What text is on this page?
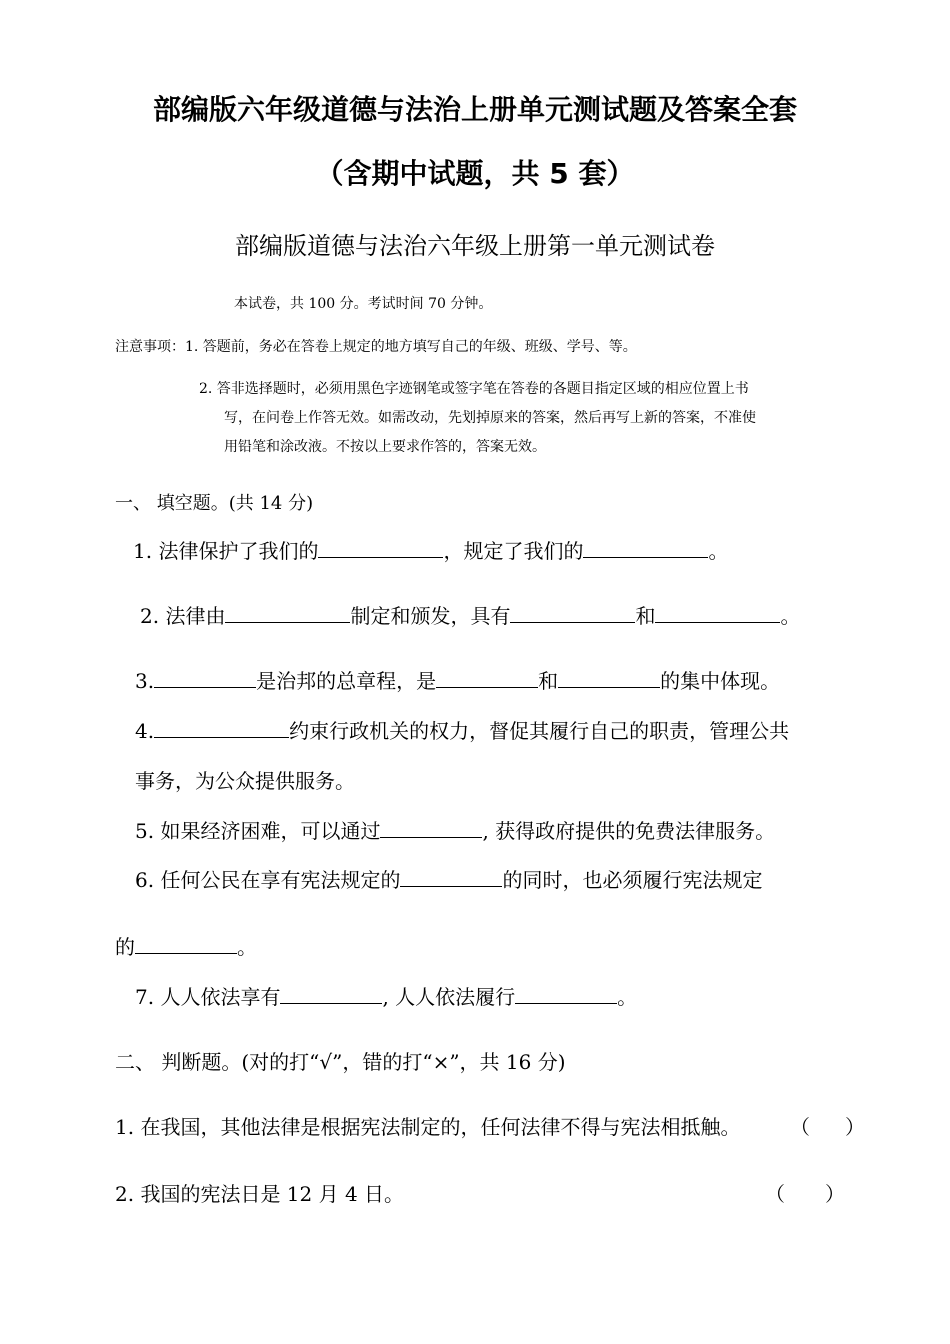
部编版六年级道德与法治上册单元测试题及答案全套
（含期中试题，共 5 套）
部编版道德与法治六年级上册第一单元测试卷
本试卷，共 100 分。考试时间 70 分钟。
注意事项：1. 答题前，务必在答卷上规定的地方填写自己的年级、班级、学号、等。
2. 答非选择题时，必须用黑色字迹钢笔或签字笔在答卷的各题目指定区域的相应位置上书
写，在问卷上作答无效。如需改动，先划掉原来的答案，然后再写上新的答案，不准使
用铅笔和涂改液。不按以上要求作答的，答案无效。
一、 填空题。(共 14 分)
1. 法律保护了我们的	，规定了我们的	。
2. 法律由	制定和颁发，具有	和	。
3.	是治邦的总章程，是	和	的集中体现。
4.	约束行政机关的权力，督促其履行自己的职责，管理公共
事务，为公众提供服务。
5. 如果经济困难，可以通过	, 获得政府提供的免费法律服务。
6. 任何公民在享有宪法规定的	的同时，也必须履行宪法规定
的	。
7. 人人依法享有	, 人人依法履行	。
二、 判断题。(对的打“√”，错的打“×”，共 16 分)
1. 在我国，其他法律是根据宪法制定的，任何法律不得与宪法相抵触。 （ ）
2. 我国的宪法日是 12 月 4 日。	（ ）
